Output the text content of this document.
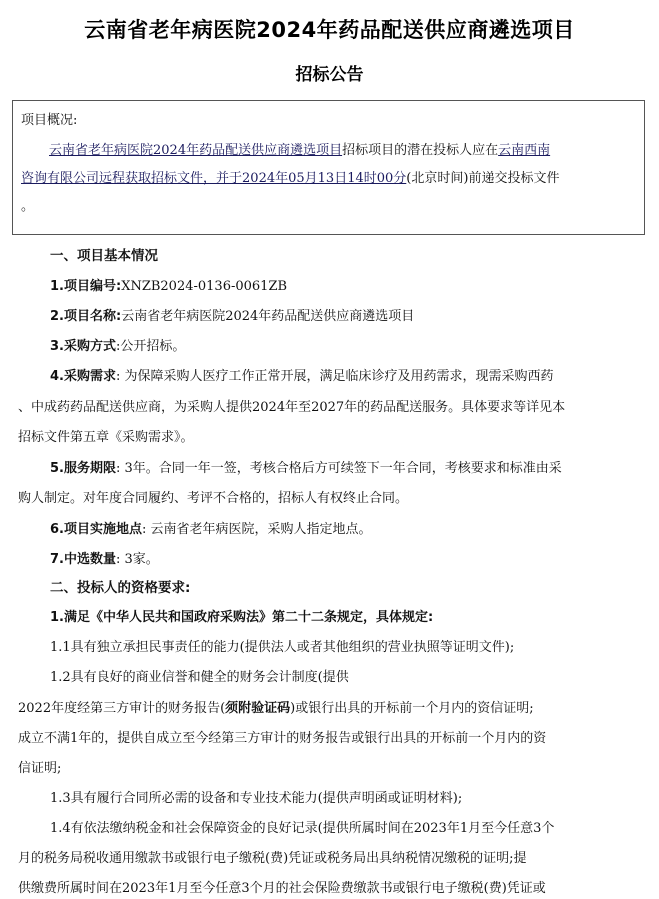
云南省老年病医院2024年药品配送供应商遴选项目
招标公告
项目概况:
云南省老年病医院2024年药品配送供应商遴选项目招标项目的潜在投标人应在云南西南
咨询有限公司远程获取招标文件，并于2024年05月13日14时00分(北京时间)前递交投标文件
。
一、项目基本情况
1.项目编号:XNZB2024-0136-0061ZB
2.项目名称:云南省老年病医院2024年药品配送供应商遴选项目
3.采购方式:公开招标。
4.采购需求: 为保障采购人医疗工作正常开展，满足临床诊疗及用药需求，现需采购西药
、中成药药品配送供应商，为采购人提供2024年至2027年的药品配送服务。具体要求等详见本
招标文件第五章《采购需求》。
5.服务期限: 3年。合同一年一签，考核合格后方可续签下一年合同，考核要求和标准由采
购人制定。对年度合同履约、考评不合格的，招标人有权终止合同。
6.项目实施地点: 云南省老年病医院，采购人指定地点。
7.中选数量: 3家。
二、投标人的资格要求:
1.满足《中华人民共和国政府采购法》第二十二条规定，具体规定:
1.1具有独立承担民事责任的能力(提供法人或者其他组织的营业执照等证明文件);
1.2具有良好的商业信誉和健全的财务会计制度(提供
2022年度经第三方审计的财务报告(须附验证码)或银行出具的开标前一个月内的资信证明;
成立不满1年的，提供自成立至今经第三方审计的财务报告或银行出具的开标前一个月内的资
信证明;
1.3具有履行合同所必需的设备和专业技术能力(提供声明函或证明材料);
1.4有依法缴纳税金和社会保障资金的良好记录(提供所属时间在2023年1月至今任意3个
月的税务局税收通用缴款书或银行电子缴税(费)凭证或税务局出具纳税情况缴税的证明;提
供缴费所属时间在2023年1月至今任意3个月的社会保险费缴款书或银行电子缴税(费)凭证或
